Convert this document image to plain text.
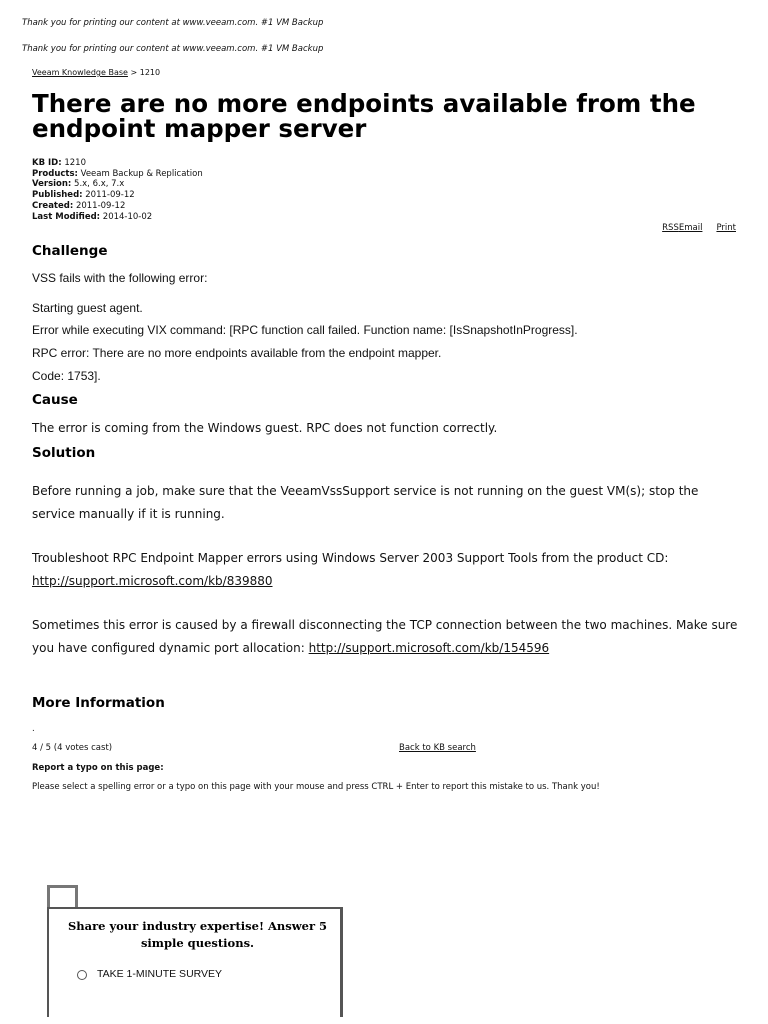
Thank you for printing our content at www.veeam.com. #1 VM Backup
Thank you for printing our content at www.veeam.com. #1 VM Backup
Veeam Knowledge Base > 1210
There are no more endpoints available from the endpoint mapper server
KB ID: 1210
Products: Veeam Backup & Replication
Version: 5.x, 6.x, 7.x
Published: 2011-09-12
Created: 2011-09-12
Last Modified: 2014-10-02
RSSEmail Print
Challenge
VSS fails with the following error:
Starting guest agent.
Error while executing VIX command: [RPC function call failed. Function name: [IsSnapshotInProgress].
RPC error: There are no more endpoints available from the endpoint mapper.
Code: 1753].
Cause
The error is coming from the Windows guest. RPC does not function correctly.
Solution
Before running a job, make sure that the VeeamVssSupport service is not running on the guest VM(s); stop the service manually if it is running.
Troubleshoot RPC Endpoint Mapper errors using Windows Server 2003 Support Tools from the product CD: http://support.microsoft.com/kb/839880
Sometimes this error is caused by a firewall disconnecting the TCP connection between the two machines. Make sure you have configured dynamic port allocation: http://support.microsoft.com/kb/154596
More Information
.
4 / 5 (4 votes cast)	Back to KB search
Report a typo on this page:
Please select a spelling error or a typo on this page with your mouse and press CTRL + Enter to report this mistake to us. Thank you!
Share your industry expertise! Answer 5 simple questions.
TAKE 1-MINUTE SURVEY
